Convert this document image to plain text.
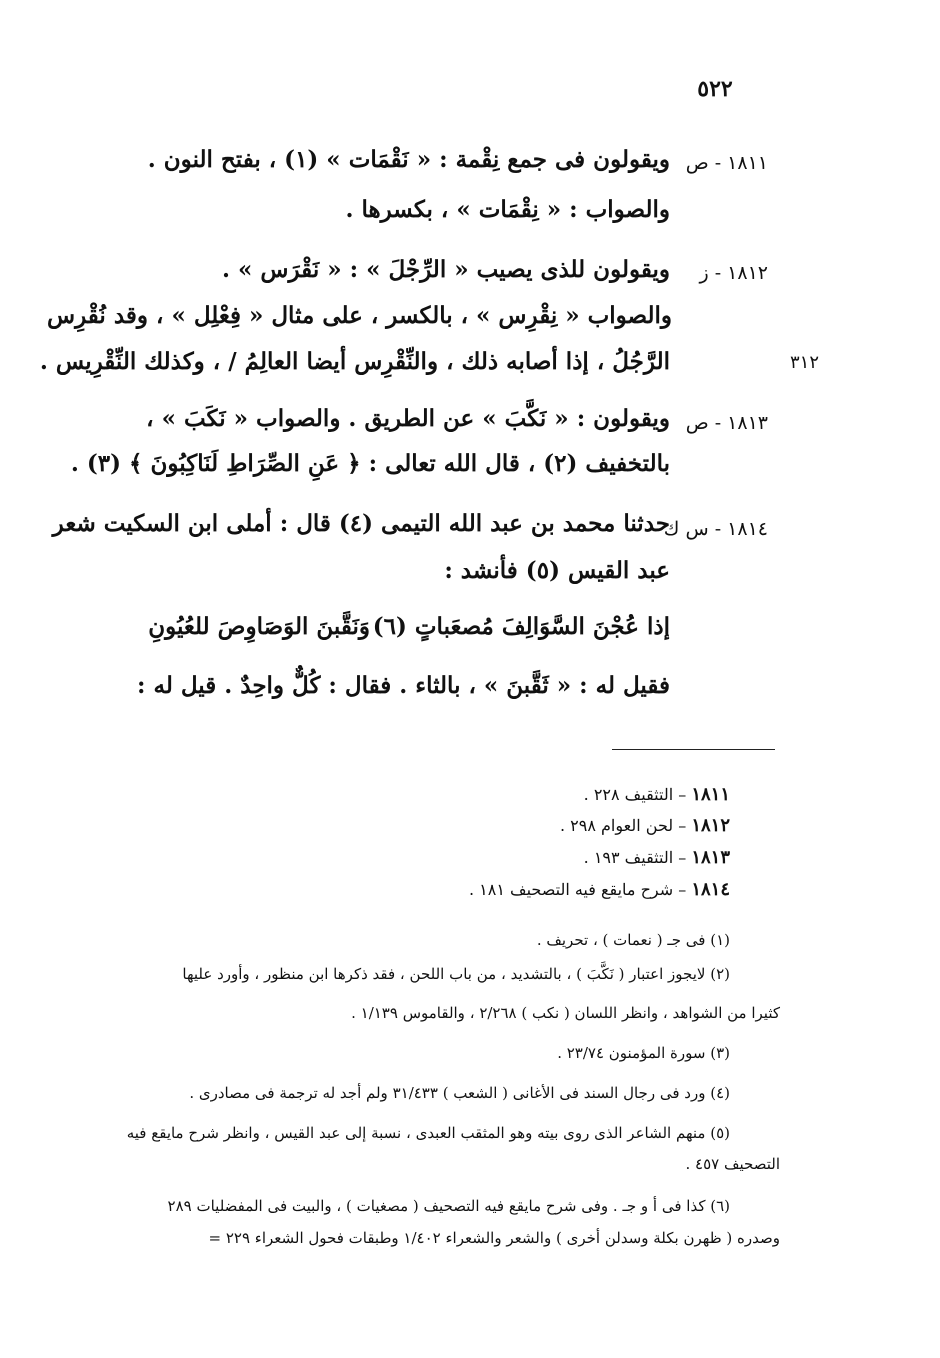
٥٢٢
١٨١١ - ص
ويقولون فى جمع نِقْمة : « نَقْمَات » (١) ، بفتح النون .
والصواب : « نِقْمَات » ، بكسرها .
١٨١٢ - ز
ويقولون للذى يصيب « الرِّجْلَ » : « نَقْرَس » .
والصواب « نِقْرِس » ، بالكسر ، على مثال « فِعْلِل » ، وقد نُقْرِس
الرَّجُلُ ، إذا أصابه ذلك ، والنِّقْرِس أيضا العالِمُ / ، وكذلك النِّقْرِيس .	٣١٢
١٨١٣ - ص
ويقولون : « نَكَّبَ » عن الطريق . والصواب « نَكَبَ » ،
بالتخفيف (٢) ، قال الله تعالى : ﴿ عَنِ الصِّرَاطِ لَنَاكِبُونَ ﴾ (٣) .
١٨١٤ - س ك
حدثنا محمد بن عبد الله التيمى (٤) قال : أملى ابن السكيت شعر
عبد القيس (٥) فأنشد :
إذا عُجْنَ السَّوَالِفَ مُصعَباتٍ (٦)
وَنَقَّبنَ الوَصَاوِصَ للعُيُونِ
فقيل له : « ثَقَّبنَ » ، بالثاء . فقال : كُلٌّ واحِدٌ . قيل له :
١٨١١ – التثقيف ٢٢٨ .
١٨١٢ – لحن العوام ٢٩٨ .
١٨١٣ – التثقيف ١٩٣ .
١٨١٤ – شرح مايقع فيه التصحيف ١٨١ .
(١) فى جـ ( نعمات ) ، تحريف .
(٢) لايجوز اعتبار ( نَكَّبَ ) ، بالتشديد ، من باب اللحن ، فقد ذكرها ابن منظور ، وأورد عليها
كثيرا من الشواهد ، وانظر اللسان ( نكب ) ٢/٢٦٨ ، والقاموس ١/١٣٩ .
(٣) سورة المؤمنون ٢٣/٧٤ .
(٤) ورد فى رجال السند فى الأغانى ( الشعب ) ٣١/٤٣٣ ولم أجد له ترجمة فى مصادرى .
(٥) منهم الشاعر الذى روى بيته وهو المثقب العبدى ، نسبة إلى عبد القيس ، وانظر شرح مايقع فيه
التصحيف ٤٥٧ .
(٦) كذا فى أ و جـ . وفى شرح مايقع فيه التصحيف ( مصغيات ) ، والبيت فى المفضليات ٢٨٩
وصدره ( ظهرن بكلة وسدلن أخرى ) والشعر والشعراء ١/٤٠٢ وطبقات فحول الشعراء ٢٢٩ =
